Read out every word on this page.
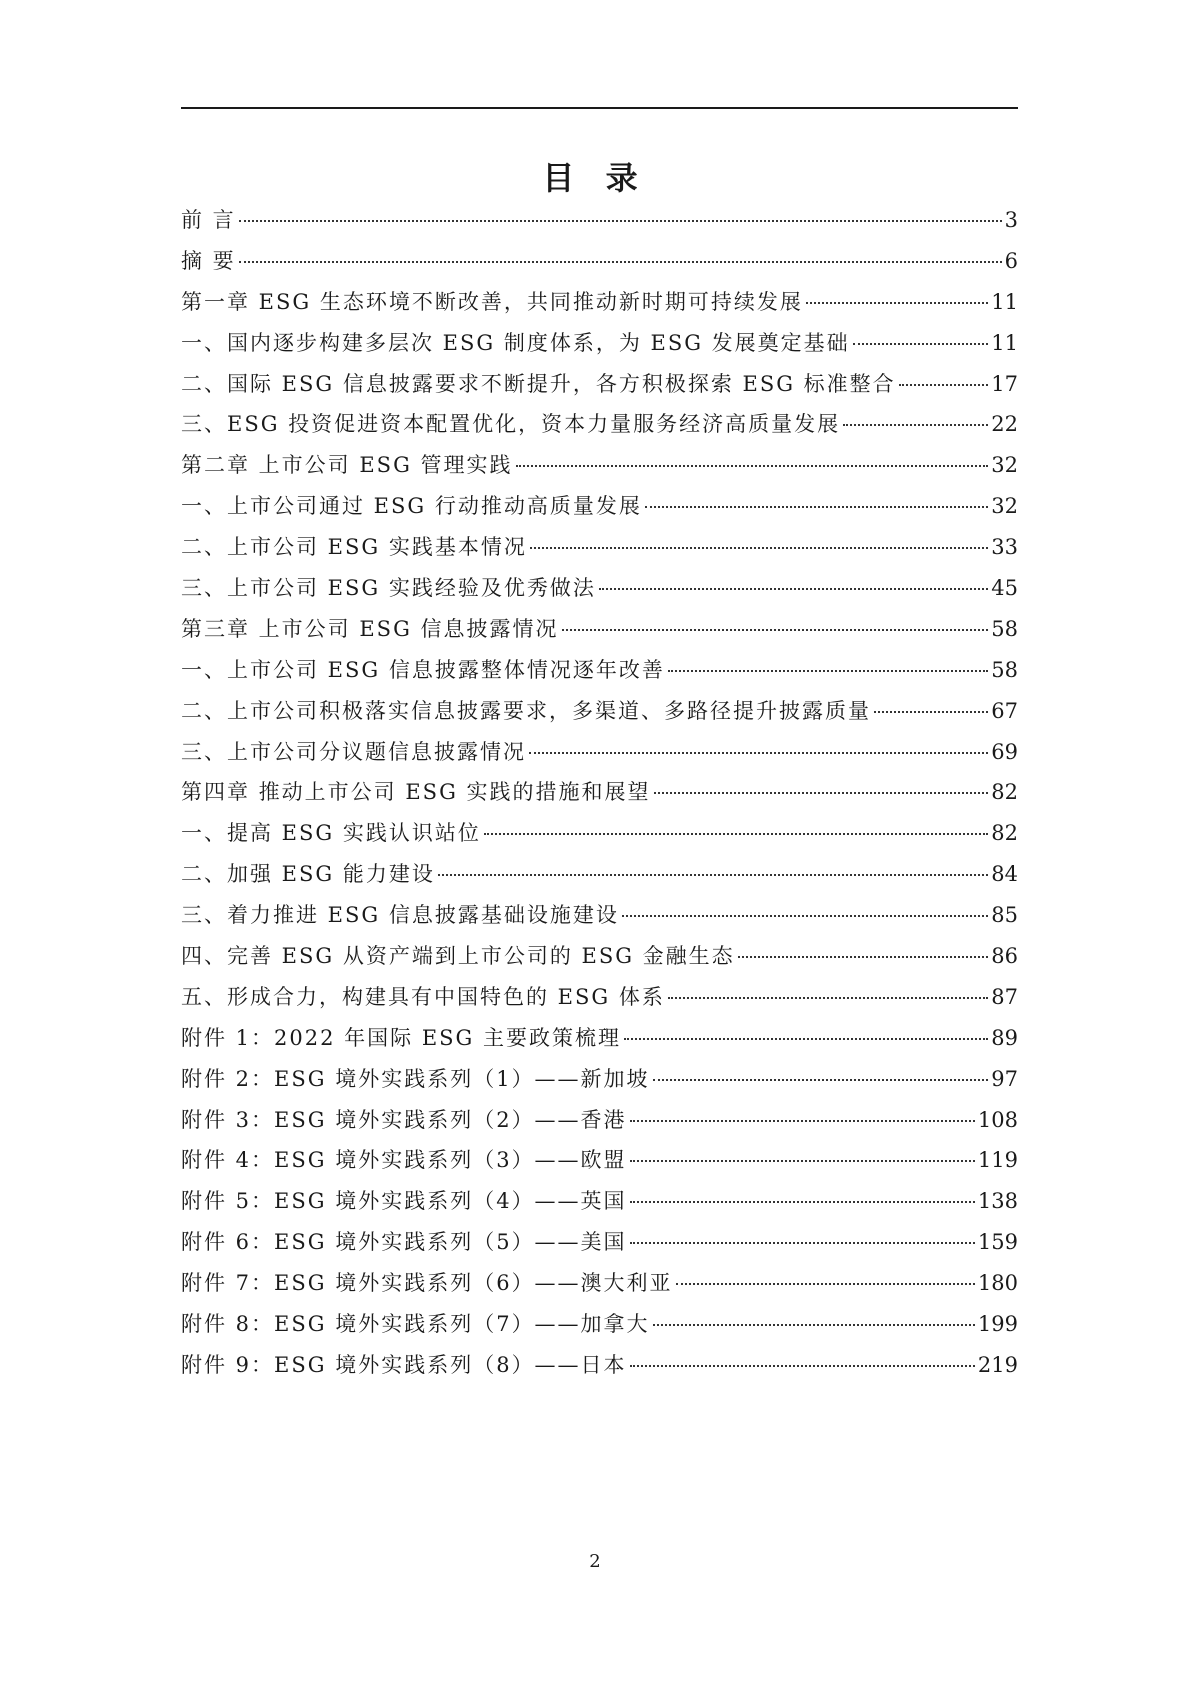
目 录
前 言	3
摘 要	6
第一章 ESG 生态环境不断改善，共同推动新时期可持续发展	11
一、国内逐步构建多层次 ESG 制度体系，为 ESG 发展奠定基础	11
二、国际 ESG 信息披露要求不断提升，各方积极探索 ESG 标准整合	17
三、ESG 投资促进资本配置优化，资本力量服务经济高质量发展	22
第二章 上市公司 ESG 管理实践	32
一、上市公司通过 ESG 行动推动高质量发展	32
二、上市公司 ESG 实践基本情况	33
三、上市公司 ESG 实践经验及优秀做法	45
第三章 上市公司 ESG 信息披露情况	58
一、上市公司 ESG 信息披露整体情况逐年改善	58
二、上市公司积极落实信息披露要求，多渠道、多路径提升披露质量	67
三、上市公司分议题信息披露情况	69
第四章 推动上市公司 ESG 实践的措施和展望	82
一、提高 ESG 实践认识站位	82
二、加强 ESG 能力建设	84
三、着力推进 ESG 信息披露基础设施建设	85
四、完善 ESG 从资产端到上市公司的 ESG 金融生态	86
五、形成合力，构建具有中国特色的 ESG 体系	87
附件 1：2022 年国际 ESG 主要政策梳理	89
附件 2：ESG 境外实践系列（1）——新加坡	97
附件 3：ESG 境外实践系列（2）——香港	108
附件 4：ESG 境外实践系列（3）——欧盟	119
附件 5：ESG 境外实践系列（4）——英国	138
附件 6：ESG 境外实践系列（5）——美国	159
附件 7：ESG 境外实践系列（6）——澳大利亚	180
附件 8：ESG 境外实践系列（7）——加拿大	199
附件 9：ESG 境外实践系列（8）——日本	219
2
